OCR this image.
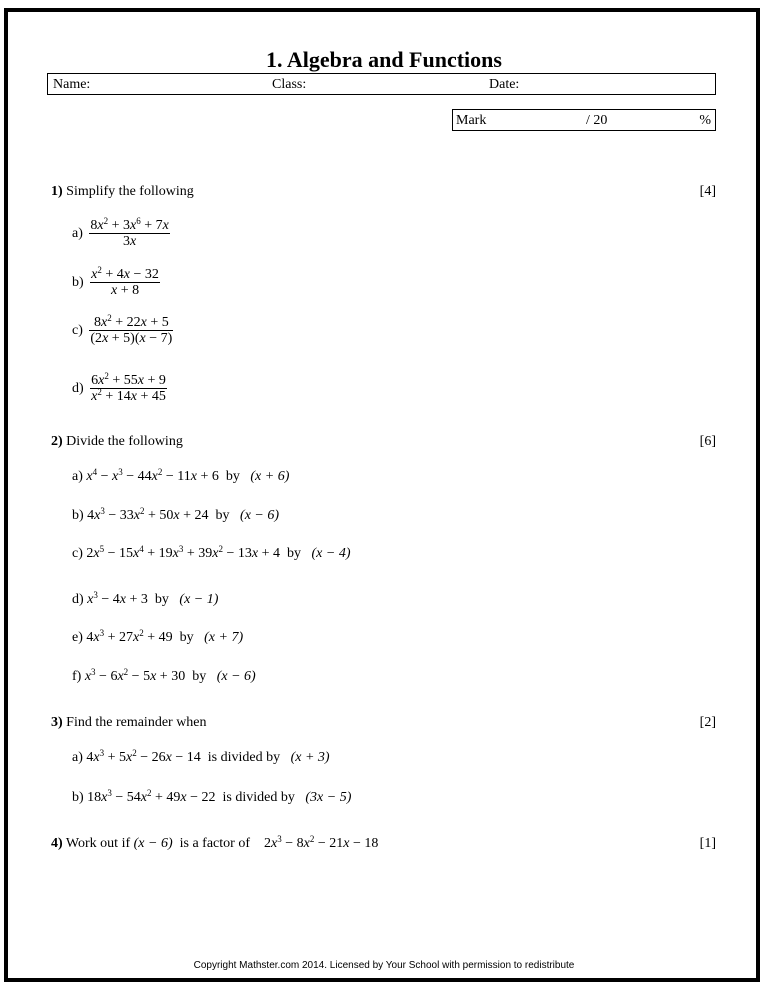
1. Algebra and Functions
Name:	Class:	Date:
Mark	/ 20	%
1) Simplify the following	[4]
$a) \frac{8x^2 + 3x^6 + 7x}{3x}$
$b) \frac{x^2 + 4x - 32}{x + 8}$
$c) \frac{8x^2 + 22x + 5}{(2x + 5)(x - 7)}$
$d) \frac{6x^2 + 55x + 9}{x^2 + 14x + 45}$
2) Divide the following	[6]
a) $x^4 - x^3 - 44x^2 - 11x + 6$ by (x + 6)
b) $4x^3 - 33x^2 + 50x + 24$ by (x − 6)
c) $2x^5 - 15x^4 + 19x^3 + 39x^2 - 13x + 4$ by (x − 4)
d) $x^3 - 4x + 3$ by (x − 1)
e) $4x^3 + 27x^2 + 49$ by (x + 7)
f) $x^3 - 6x^2 - 5x + 30$ by (x − 6)
3) Find the remainder when	[2]
a) $4x^3 + 5x^2 - 26x - 14$ is divided by (x + 3)
b) $18x^3 - 54x^2 + 49x - 22$ is divided by (3x − 5)
4) Work out if (x − 6) is a factor of $2x^3 - 8x^2 - 21x - 18$	[1]
Copyright Mathster.com 2014. Licensed by Your School with permission to redistribute
